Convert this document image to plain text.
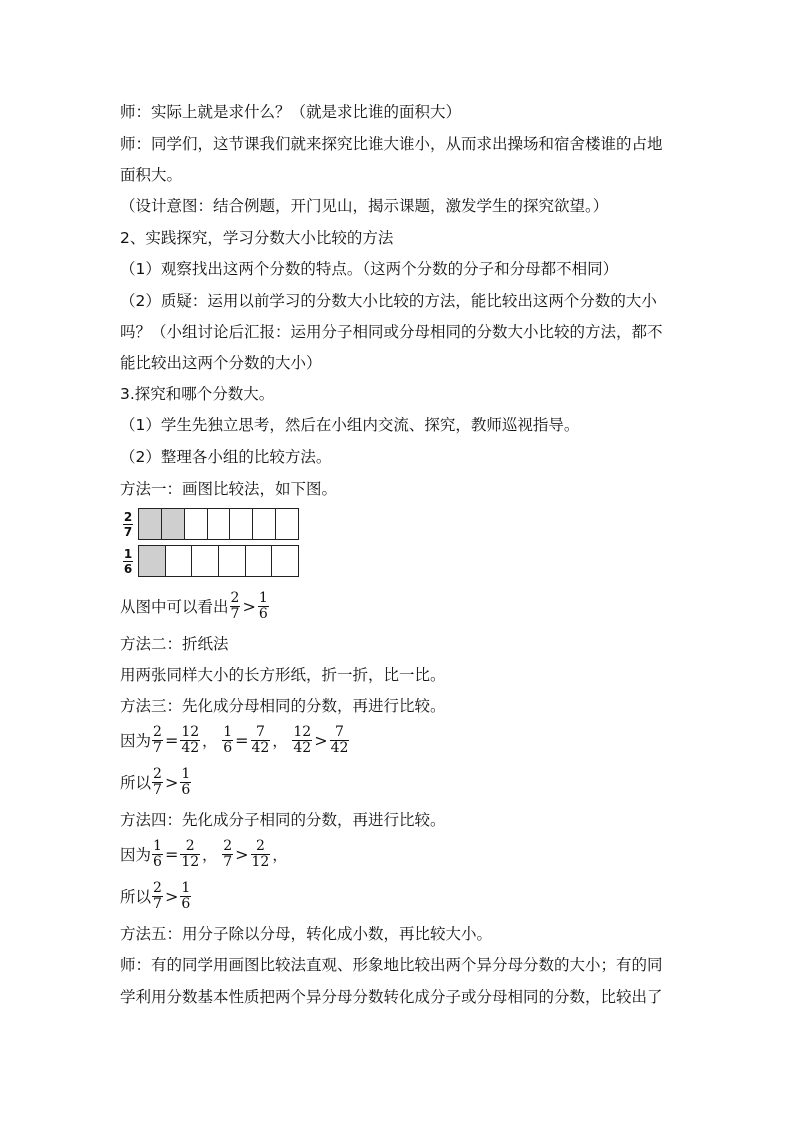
师：实际上就是求什么？（就是求比谁的面积大）
师：同学们，这节课我们就来探究比谁大谁小，从而求出操场和宿舍楼谁的占地
面积大。
（设计意图：结合例题，开门见山，揭示课题，激发学生的探究欲望。）
2、实践探究，学习分数大小比较的方法
（1）观察找出这两个分数的特点。（这两个分数的分子和分母都不相同）
（2）质疑：运用以前学习的分数大小比较的方法，能比较出这两个分数的大小
吗？（小组讨论后汇报：运用分子相同或分母相同的分数大小比较的方法，都不
能比较出这两个分数的大小）
3.探究和哪个分数大。
（1）学生先独立思考，然后在小组内交流、探究，教师巡视指导。
（2）整理各小组的比较方法。
方法一：画图比较法，如下图。
$\frac{2}{7}$
$\frac{1}{6}$
从图中可以看出 $\frac{2}{7} > \frac{1}{6}$
方法二：折纸法
用两张同样大小的长方形纸，折一折，比一比。
方法三：先化成分母相同的分数，再进行比较。
因为 $\frac{2}{7} = \frac{12}{42}$ ， $\frac{1}{6} = \frac{7}{42}$ ， $\frac{12}{42} > \frac{7}{42}$
所以 $\frac{2}{7} > \frac{1}{6}$
方法四：先化成分子相同的分数，再进行比较。
因为 $\frac{1}{6} = \frac{2}{12}$ ， $\frac{2}{7} > \frac{2}{12}$ ，
所以 $\frac{2}{7} > \frac{1}{6}$
方法五：用分子除以分母，转化成小数，再比较大小。
师：有的同学用画图比较法直观、形象地比较出两个异分母分数的大小；有的同
学利用分数基本性质把两个异分母分数转化成分子或分母相同的分数，比较出了
